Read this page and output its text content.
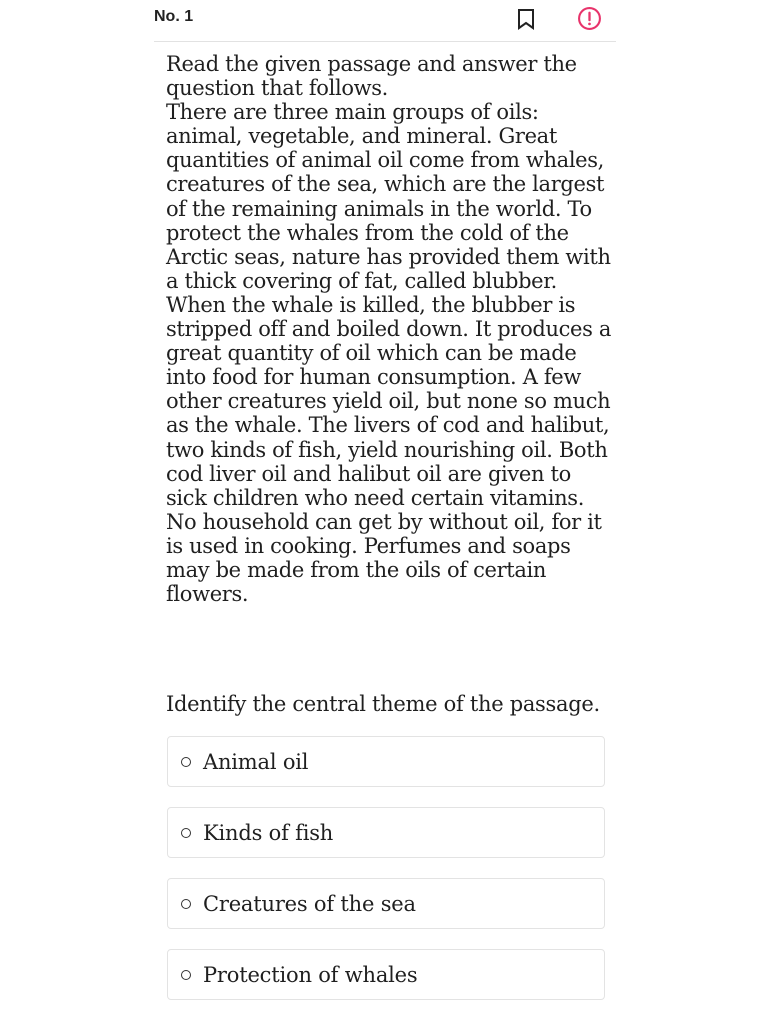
No. 1

Read the given passage and answer the question that follows.

There are three main groups of oils: animal, vegetable, and mineral. Great quantities of animal oil come from whales, creatures of the sea, which are the largest of the remaining animals in the world. To protect the whales from the cold of the Arctic seas, nature has provided them with a thick covering of fat, called blubber. When the whale is killed, the blubber is stripped off and boiled down. It produces a great quantity of oil which can be made into food for human consumption. A few other creatures yield oil, but none so much as the whale. The livers of cod and halibut, two kinds of fish, yield nourishing oil. Both cod liver oil and halibut oil are given to sick children who need certain vitamins. No household can get by without oil, for it is used in cooking. Perfumes and soaps may be made from the oils of certain flowers.

Identify the central theme of the passage.
Animal oil
Kinds of fish
Creatures of the sea
Protection of whales
